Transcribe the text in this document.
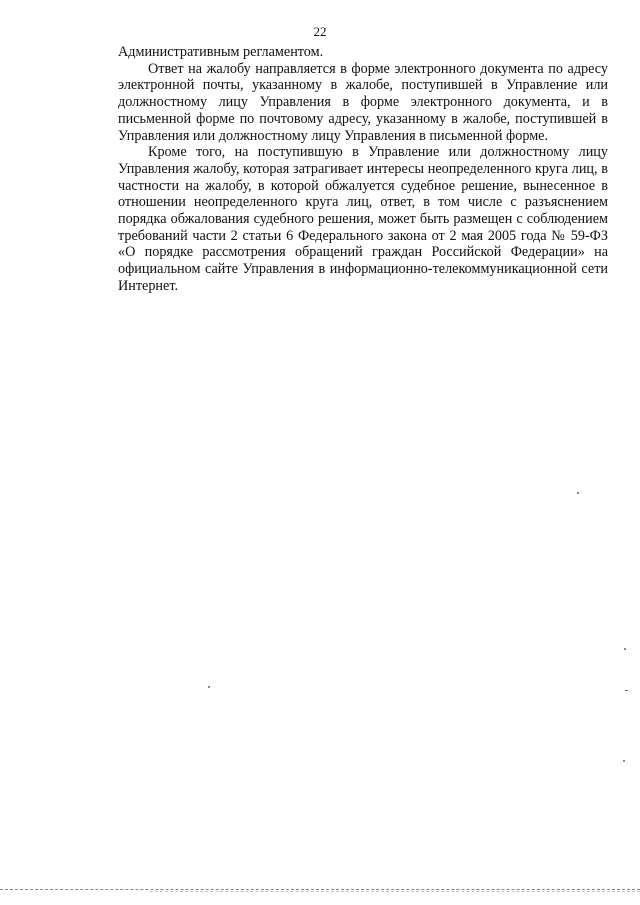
22

Административным регламентом.

Ответ на жалобу направляется в форме электронного документа по адресу электронной почты, указанному в жалобе, поступившей в Управление или должностному лицу Управления в форме электронного документа, и в письменной форме по почтовому адресу, указанному в жалобе, поступившей в Управления или должностному лицу Управления в письменной форме.

Кроме того, на поступившую в Управление или должностному лицу Управления жалобу, которая затрагивает интересы неопределенного круга лиц, в частности на жалобу, в которой обжалуется судебное решение, вынесенное в отношении неопределенного круга лиц, ответ, в том числе с разъяснением порядка обжалования судебного решения, может быть размещен с соблюдением требований части 2 статьи 6 Федерального закона от 2 мая 2005 года № 59-ФЗ «О порядке рассмотрения обращений граждан Российской Федерации» на официальном сайте Управления в информационно-телекоммуникационной сети Интернет.
